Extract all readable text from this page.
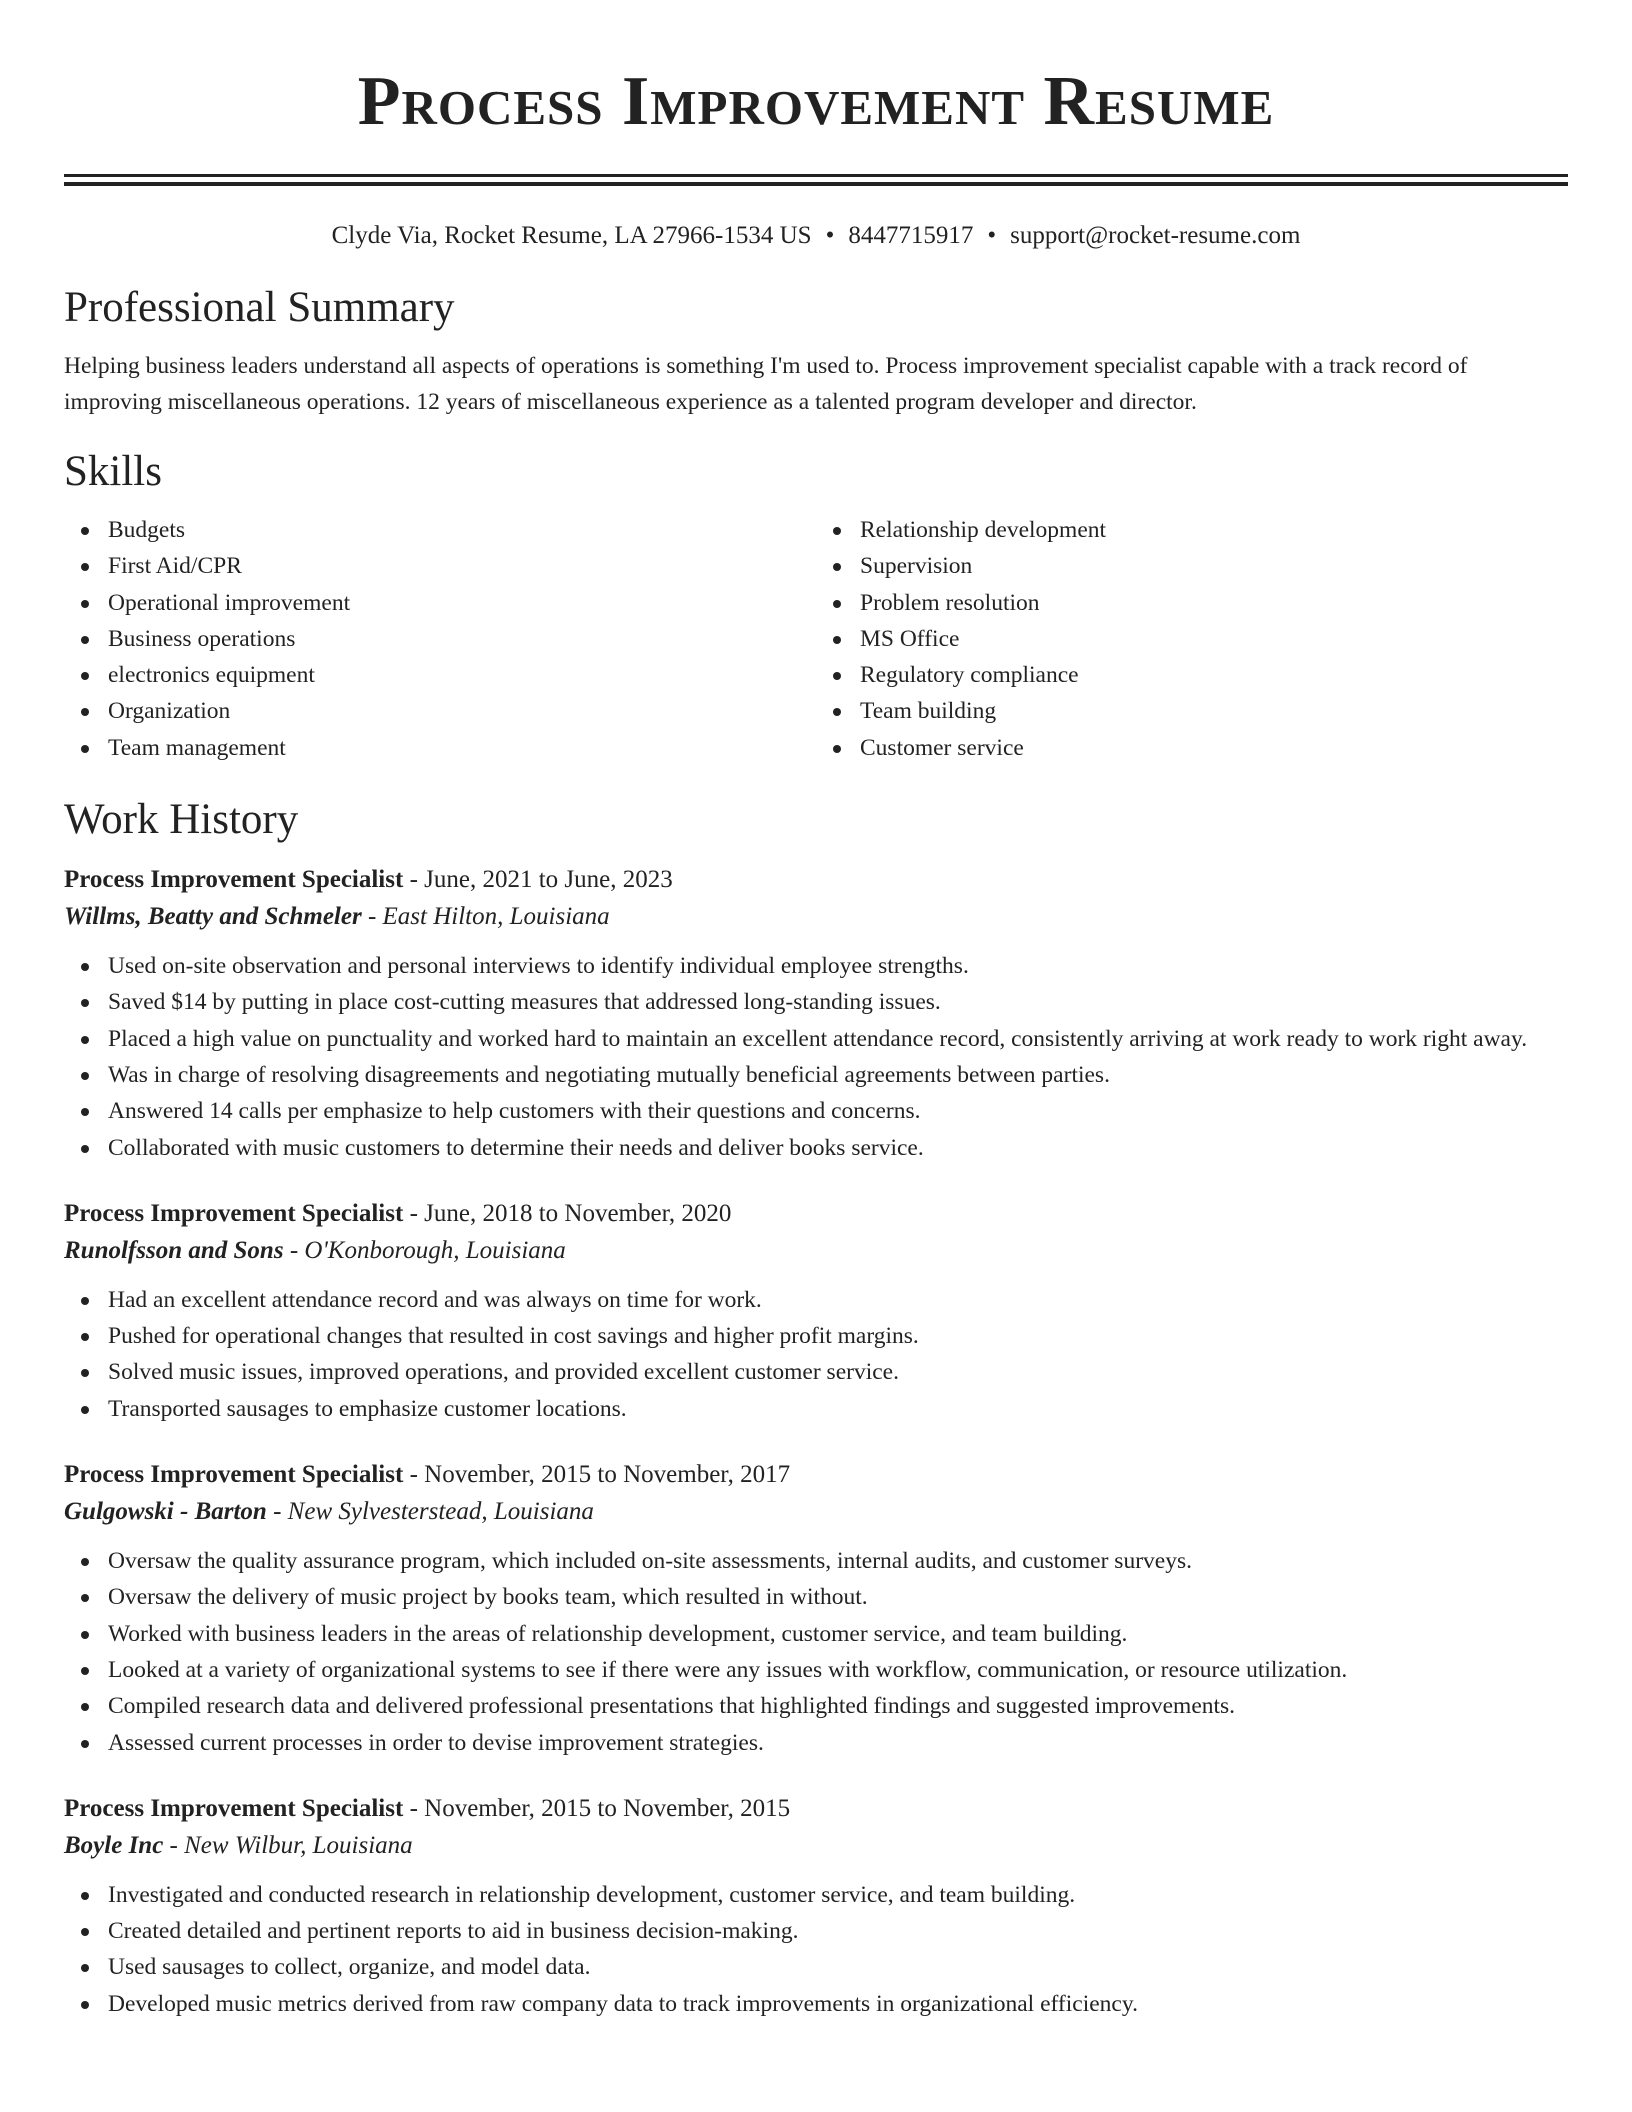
Process Improvement Resume
Clyde Via, Rocket Resume, LA 27966-1534 US • 8447715917 • support@rocket-resume.com
Professional Summary

Helping business leaders understand all aspects of operations is something I'm used to. Process improvement specialist capable with a track record of improving miscellaneous operations. 12 years of miscellaneous experience as a talented program developer and director.

Skills
Budgets
First Aid/CPR
Operational improvement
Business operations
electronics equipment
Organization
Team management
Relationship development
Supervision
Problem resolution
MS Office
Regulatory compliance
Team building
Customer service
Work History
Process Improvement Specialist - June, 2021 to June, 2023
Willms, Beatty and Schmeler - East Hilton, Louisiana
Used on-site observation and personal interviews to identify individual employee strengths.
Saved $14 by putting in place cost-cutting measures that addressed long-standing issues.
Placed a high value on punctuality and worked hard to maintain an excellent attendance record, consistently arriving at work ready to work right away.
Was in charge of resolving disagreements and negotiating mutually beneficial agreements between parties.
Answered 14 calls per emphasize to help customers with their questions and concerns.
Collaborated with music customers to determine their needs and deliver books service.
Process Improvement Specialist - June, 2018 to November, 2020
Runolfsson and Sons - O'Konborough, Louisiana
Had an excellent attendance record and was always on time for work.
Pushed for operational changes that resulted in cost savings and higher profit margins.
Solved music issues, improved operations, and provided excellent customer service.
Transported sausages to emphasize customer locations.
Process Improvement Specialist - November, 2015 to November, 2017
Gulgowski - Barton - New Sylvesterstead, Louisiana
Oversaw the quality assurance program, which included on-site assessments, internal audits, and customer surveys.
Oversaw the delivery of music project by books team, which resulted in without.
Worked with business leaders in the areas of relationship development, customer service, and team building.
Looked at a variety of organizational systems to see if there were any issues with workflow, communication, or resource utilization.
Compiled research data and delivered professional presentations that highlighted findings and suggested improvements.
Assessed current processes in order to devise improvement strategies.
Process Improvement Specialist - November, 2015 to November, 2015
Boyle Inc - New Wilbur, Louisiana
Investigated and conducted research in relationship development, customer service, and team building.
Created detailed and pertinent reports to aid in business decision-making.
Used sausages to collect, organize, and model data.
Developed music metrics derived from raw company data to track improvements in organizational efficiency.
